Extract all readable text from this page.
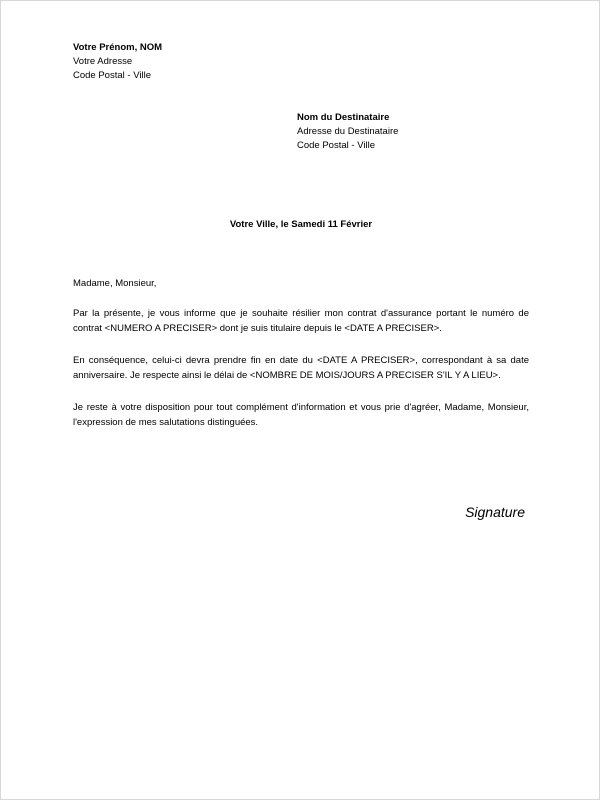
Votre Prénom, NOM
Votre Adresse
Code Postal - Ville
Nom du Destinataire
Adresse du Destinataire
Code Postal - Ville
Votre Ville, le Samedi 11 Février
Madame, Monsieur,
Par la présente, je vous informe que je souhaite résilier mon contrat d'assurance portant le numéro de contrat <NUMERO A PRECISER> dont je suis titulaire depuis le <DATE A PRECISER>.
En conséquence, celui-ci devra prendre fin en date du <DATE A PRECISER>, correspondant à sa date anniversaire. Je respecte ainsi le délai de <NOMBRE DE MOIS/JOURS A PRECISER S'IL Y A LIEU>.
Je reste à votre disposition pour tout complément d'information et vous prie d'agréer, Madame, Monsieur, l'expression de mes salutations distinguées.
Signature
